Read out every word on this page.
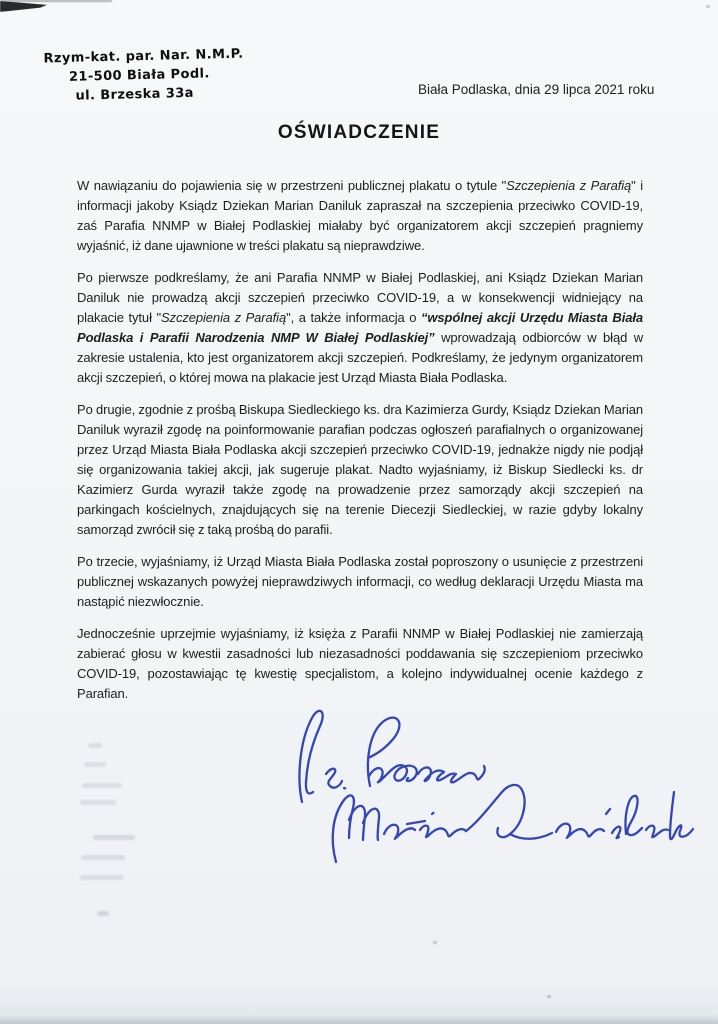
Rzym-kat. par. Nar. N.M.P.
21-500 Biała Podl.
ul. Brzeska 33a	Biała Podlaska, dnia 29 lipca 2021 roku
OŚWIADCZENIE

W nawiązaniu do pojawienia się w przestrzeni publicznej plakatu o tytule "Szczepienia z Parafią" i informacji jakoby Ksiądz Dziekan Marian Daniluk zapraszał na szczepienia przeciwko COVID-19, zaś Parafia NNMP w Białej Podlaskiej miałaby być organizatorem akcji szczepień pragniemy wyjaśnić, iż dane ujawnione w treści plakatu są nieprawdziwe.

Po pierwsze podkreślamy, że ani Parafia NNMP w Białej Podlaskiej, ani Ksiądz Dziekan Marian Daniluk nie prowadzą akcji szczepień przeciwko COVID-19, a w konsekwencji widniejący na plakacie tytuł "Szczepienia z Parafią", a także informacja o “wspólnej akcji Urzędu Miasta Biała Podlaska i Parafii Narodzenia NMP W Białej Podlaskiej” wprowadzają odbiorców w błąd w zakresie ustalenia, kto jest organizatorem akcji szczepień. Podkreślamy, że jedynym organizatorem akcji szczepień, o której mowa na plakacie jest Urząd Miasta Biała Podlaska.

Po drugie, zgodnie z prośbą Biskupa Siedleckiego ks. dra Kazimierza Gurdy, Ksiądz Dziekan Marian Daniluk wyraził zgodę na poinformowanie parafian podczas ogłoszeń parafialnych o organizowanej przez Urząd Miasta Biała Podlaska akcji szczepień przeciwko COVID-19, jednakże nigdy nie podjął się organizowania takiej akcji, jak sugeruje plakat. Nadto wyjaśniamy, iż Biskup Siedlecki ks. dr Kazimierz Gurda wyraził także zgodę na prowadzenie przez samorządy akcji szczepień na parkingach kościelnych, znajdujących się na terenie Diecezji Siedleckiej, w razie gdyby lokalny samorząd zwrócił się z taką prośbą do parafii.

Po trzecie, wyjaśniamy, iż Urząd Miasta Biała Podlaska został poproszony o usunięcie z przestrzeni publicznej wskazanych powyżej nieprawdziwych informacji, co według deklaracji Urzędu Miasta ma nastąpić niezwłocznie.

Jednocześnie uprzejmie wyjaśniamy, iż księża z Parafii NNMP w Białej Podlaskiej nie zamierzają zabierać głosu w kwestii zasadności lub niezasadności poddawania się szczepieniom przeciwko COVID-19, pozostawiając tę kwestię specjalistom, a kolejno indywidualnej ocenie każdego z Parafian.
